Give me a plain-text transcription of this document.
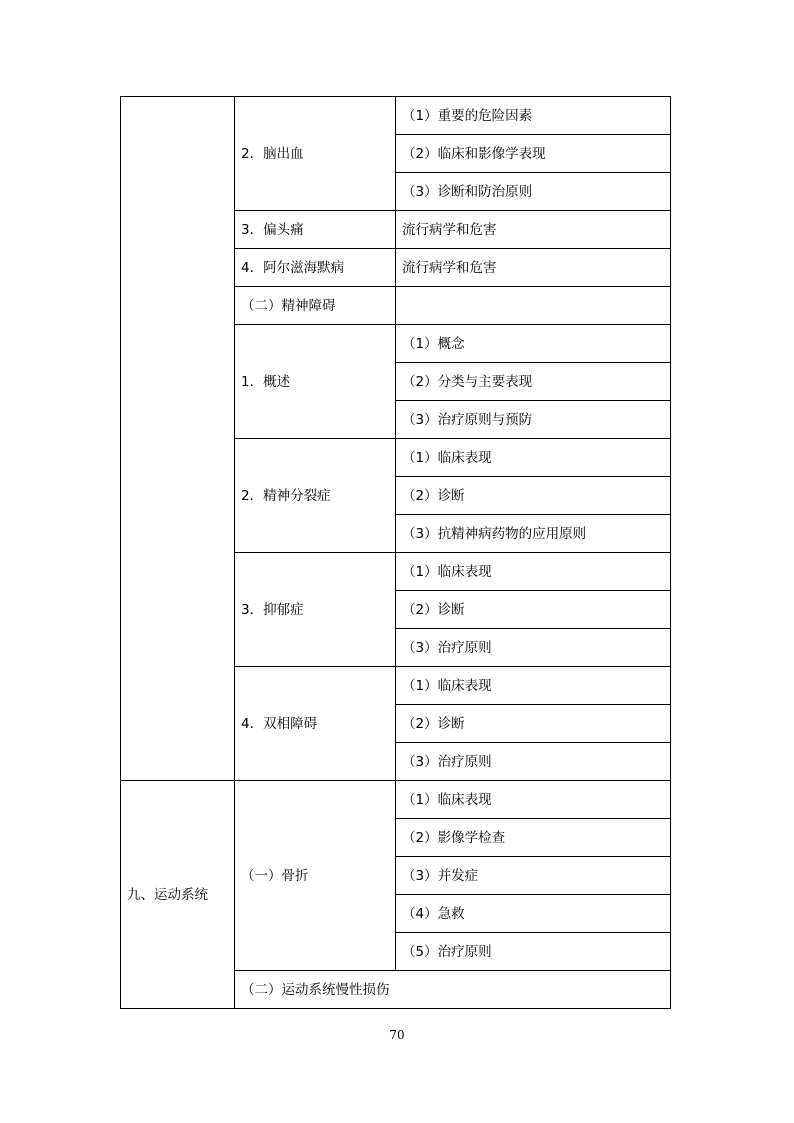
	2．脑出血	（1）重要的危险因素
		（2）临床和影像学表现
		（3）诊断和防治原则
	3．偏头痛	流行病学和危害
	4．阿尔滋海默病	流行病学和危害
	（二）精神障碍	
	1．概述	（1）概念
		（2）分类与主要表现
		（3）治疗原则与预防
	2．精神分裂症	（1）临床表现
		（2）诊断
		（3）抗精神病药物的应用原则
	3．抑郁症	（1）临床表现
		（2）诊断
		（3）治疗原则
	4．双相障碍	（1）临床表现
		（2）诊断
		（3）治疗原则
九、运动系统	（一）骨折	（1）临床表现
		（2）影像学检查
		（3）并发症
		（4）急救
		（5）治疗原则
	（二）运动系统慢性损伤	
70
